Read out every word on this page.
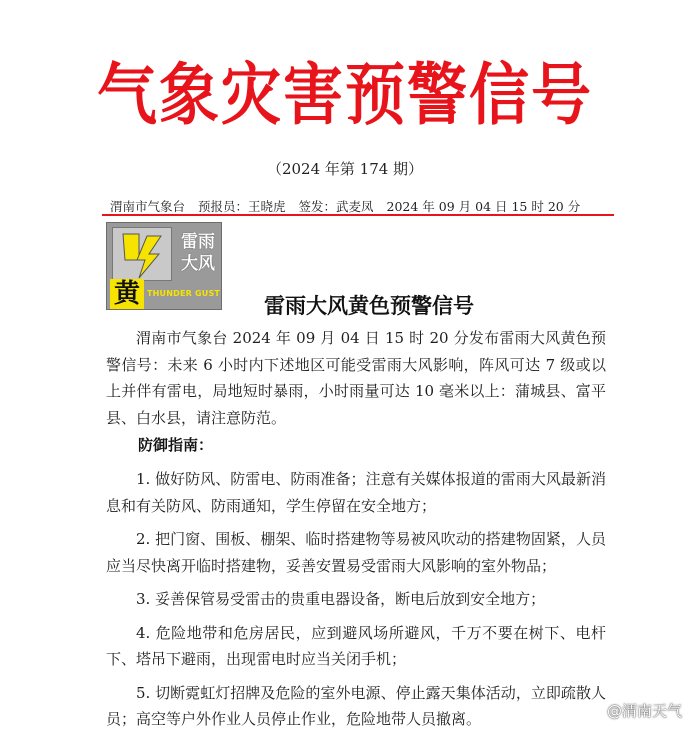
气象灾害预警信号
（2024 年第 174 期）
渭南市气象台 预报员：王晓虎 签发：武麦凤 2024 年 09 月 04 日 15 时 20 分
雷雨
大风
黄 THUNDER GUST
雷雨大风黄色预警信号
渭南市气象台 2024 年 09 月 04 日 15 时 20 分发布雷雨大风黄色预警信号：未来 6 小时内下述地区可能受雷雨大风影响，阵风可达 7 级或以上并伴有雷电，局地短时暴雨，小时雨量可达 10 毫米以上：蒲城县、富平县、白水县，请注意防范。
防御指南：

1. 做好防风、防雷电、防雨准备；注意有关媒体报道的雷雨大风最新消息和有关防风、防雨通知，学生停留在安全地方；

2. 把门窗、围板、棚架、临时搭建物等易被风吹动的搭建物固紧，人员应当尽快离开临时搭建物，妥善安置易受雷雨大风影响的室外物品；

3. 妥善保管易受雷击的贵重电器设备，断电后放到安全地方；

4. 危险地带和危房居民，应到避风场所避风，千万不要在树下、电杆下、塔吊下避雨，出现雷电时应当关闭手机；

5. 切断霓虹灯招牌及危险的室外电源、停止露天集体活动，立即疏散人员；高空等户外作业人员停止作业，危险地带人员撤离。	@渭南天气
